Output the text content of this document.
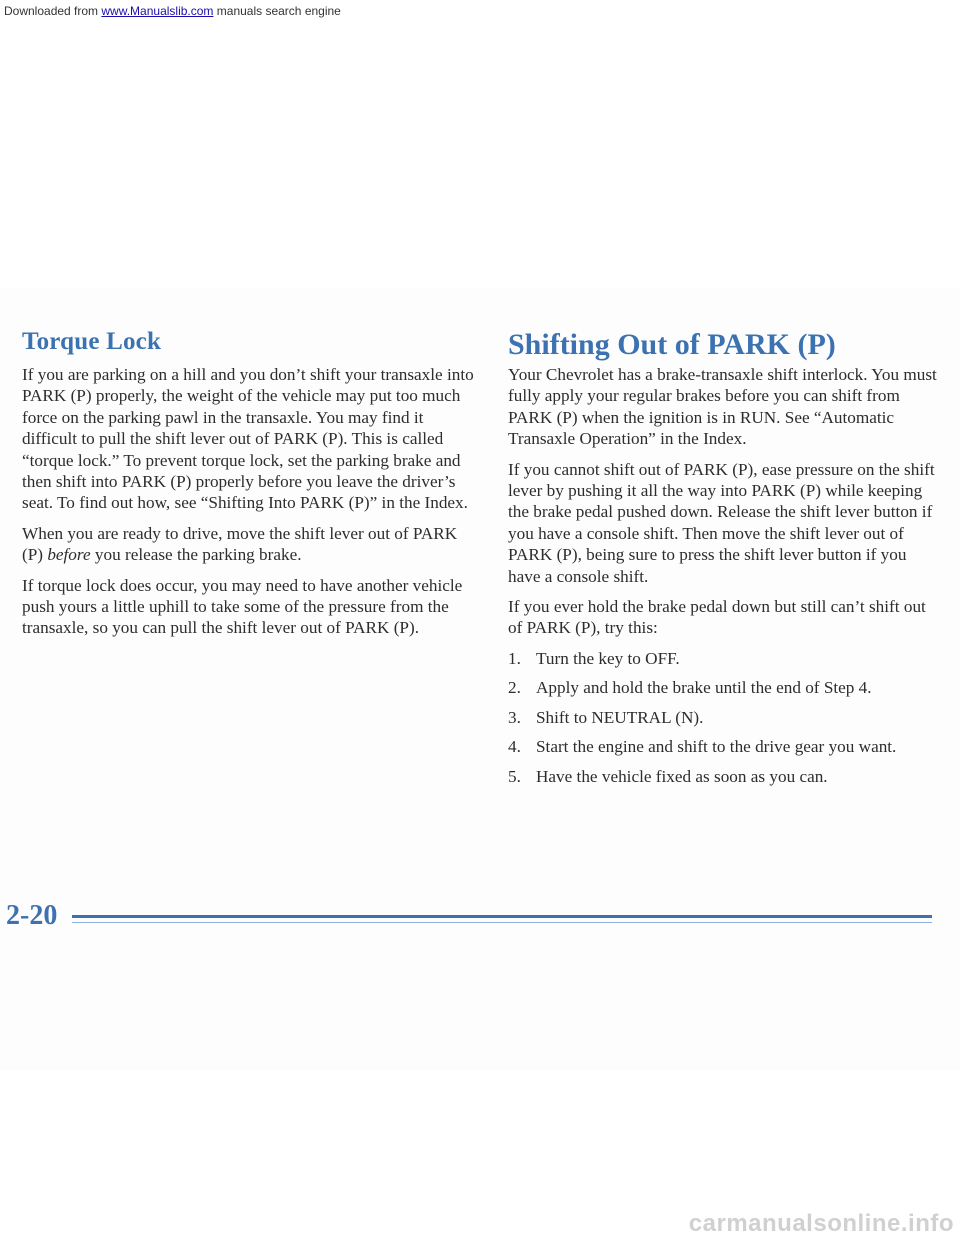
Downloaded from www.Manualslib.com manuals search engine
Torque Lock	Shifting Out of PARK (P)

If you are parking on a hill and you don’t shift your transaxle into PARK (P) properly, the weight of the vehicle may put too much force on the parking pawl in the transaxle. You may find it difficult to pull the shift lever out of PARK (P). This is called “torque lock.” To prevent torque lock, set the parking brake and then shift into PARK (P) properly before you leave the driver’s seat. To find out how, see “Shifting Into PARK (P)” in the Index.

When you are ready to drive, move the shift lever out of PARK (P) before you release the parking brake.

If torque lock does occur, you may need to have another vehicle push yours a little uphill to take some of the pressure from the transaxle, so you can pull the shift lever out of PARK (P).

Your Chevrolet has a brake-transaxle shift interlock. You must fully apply your regular brakes before you can shift from PARK (P) when the ignition is in RUN. See “Automatic Transaxle Operation” in the Index.

If you cannot shift out of PARK (P), ease pressure on the shift lever by pushing it all the way into PARK (P) while keeping the brake pedal pushed down. Release the shift lever button if you have a console shift. Then move the shift lever out of PARK (P), being sure to press the shift lever button if you have a console shift.

If you ever hold the brake pedal down but still can’t shift out of PARK (P), try this:

1. Turn the key to OFF.
2. Apply and hold the brake until the end of Step 4.
3. Shift to NEUTRAL (N).
4. Start the engine and shift to the drive gear you want.
5. Have the vehicle fixed as soon as you can.
2-20
carmanualsonline.info
